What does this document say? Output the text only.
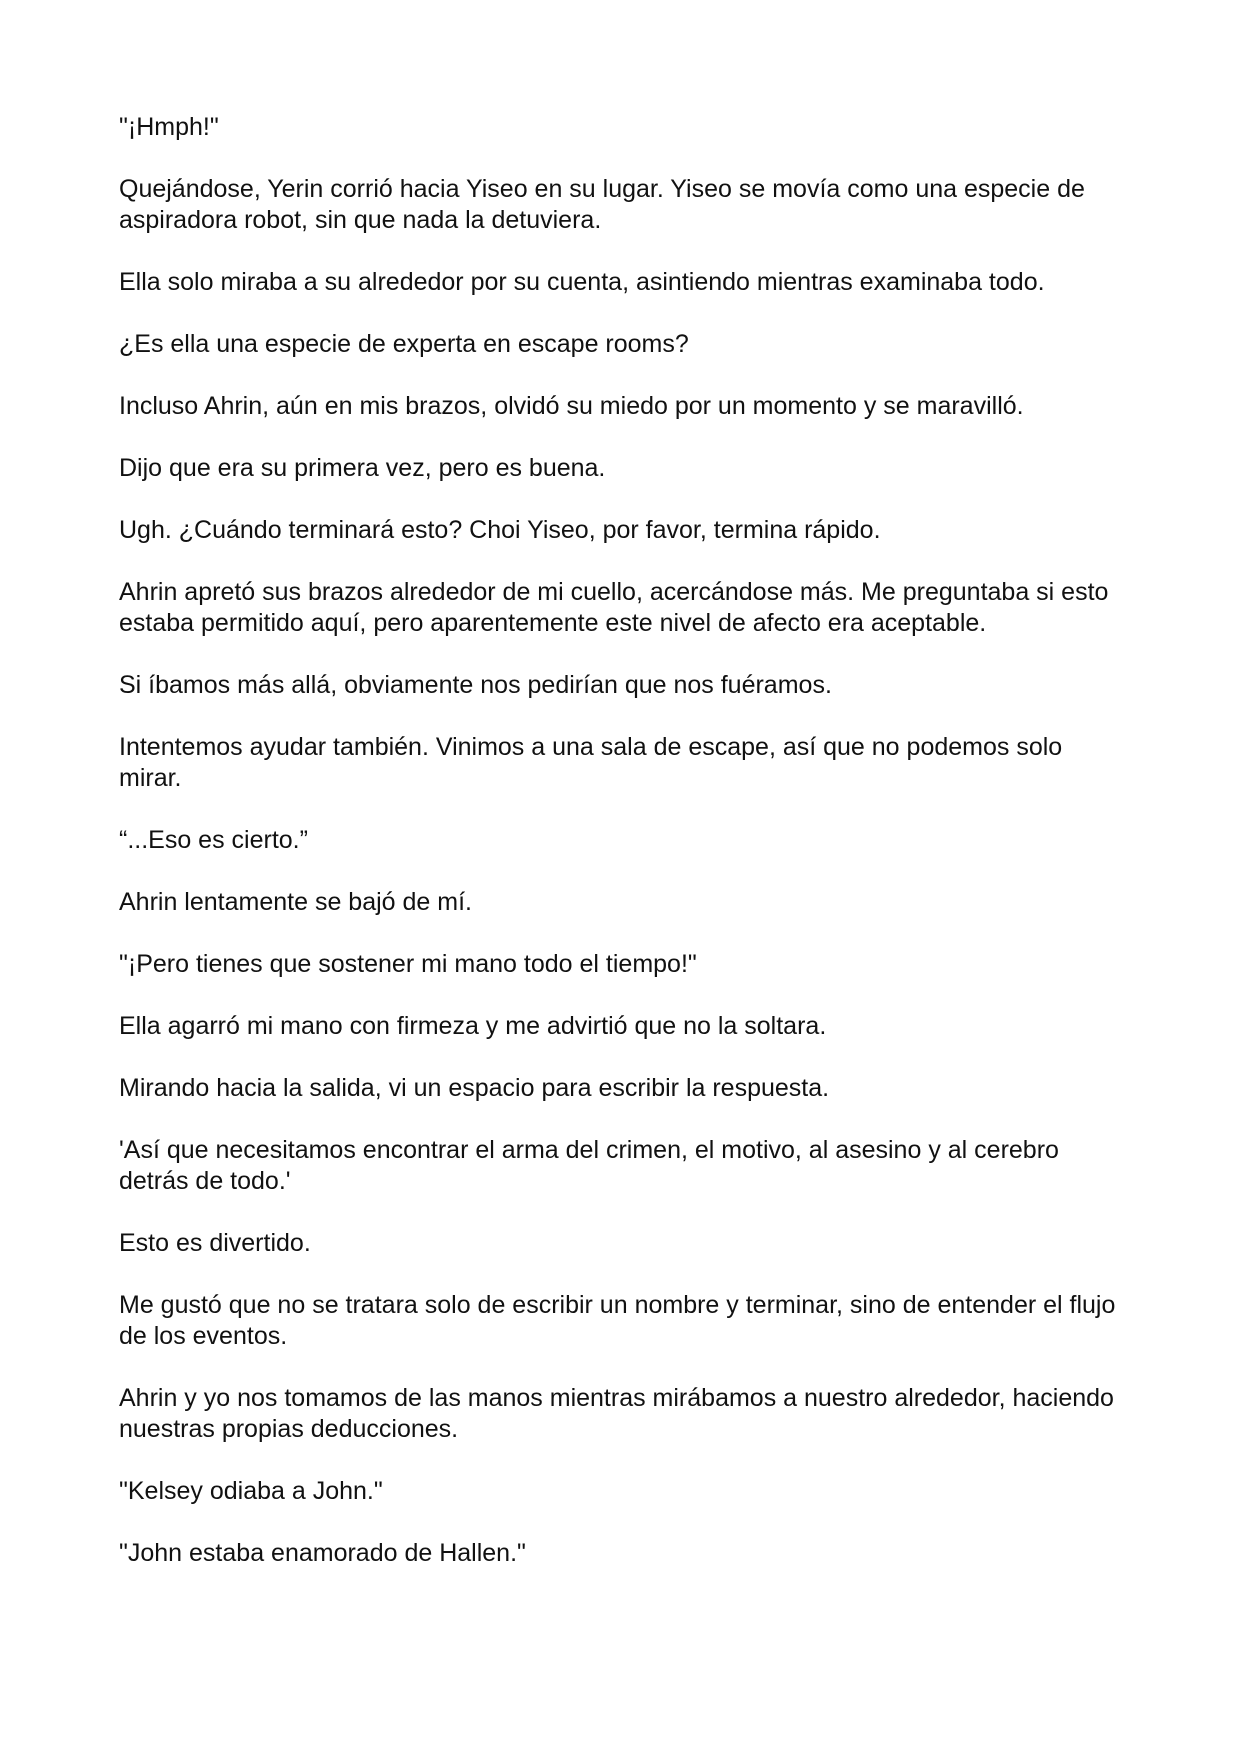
"¡Hmph!"

Quejándose, Yerin corrió hacia Yiseo en su lugar. Yiseo se movía como una especie de aspiradora robot, sin que nada la detuviera.

Ella solo miraba a su alrededor por su cuenta, asintiendo mientras examinaba todo.

¿Es ella una especie de experta en escape rooms?

Incluso Ahrin, aún en mis brazos, olvidó su miedo por un momento y se maravilló.

Dijo que era su primera vez, pero es buena.

Ugh. ¿Cuándo terminará esto? Choi Yiseo, por favor, termina rápido.

Ahrin apretó sus brazos alrededor de mi cuello, acercándose más. Me preguntaba si esto estaba permitido aquí, pero aparentemente este nivel de afecto era aceptable.

Si íbamos más allá, obviamente nos pedirían que nos fuéramos.

Intentemos ayudar también. Vinimos a una sala de escape, así que no podemos solo mirar.

“...Eso es cierto.”

Ahrin lentamente se bajó de mí.

"¡Pero tienes que sostener mi mano todo el tiempo!"

Ella agarró mi mano con firmeza y me advirtió que no la soltara.

Mirando hacia la salida, vi un espacio para escribir la respuesta.

'Así que necesitamos encontrar el arma del crimen, el motivo, al asesino y al cerebro detrás de todo.'

Esto es divertido.

Me gustó que no se tratara solo de escribir un nombre y terminar, sino de entender el flujo de los eventos.

Ahrin y yo nos tomamos de las manos mientras mirábamos a nuestro alrededor, haciendo nuestras propias deducciones.

"Kelsey odiaba a John."

"John estaba enamorado de Hallen."
